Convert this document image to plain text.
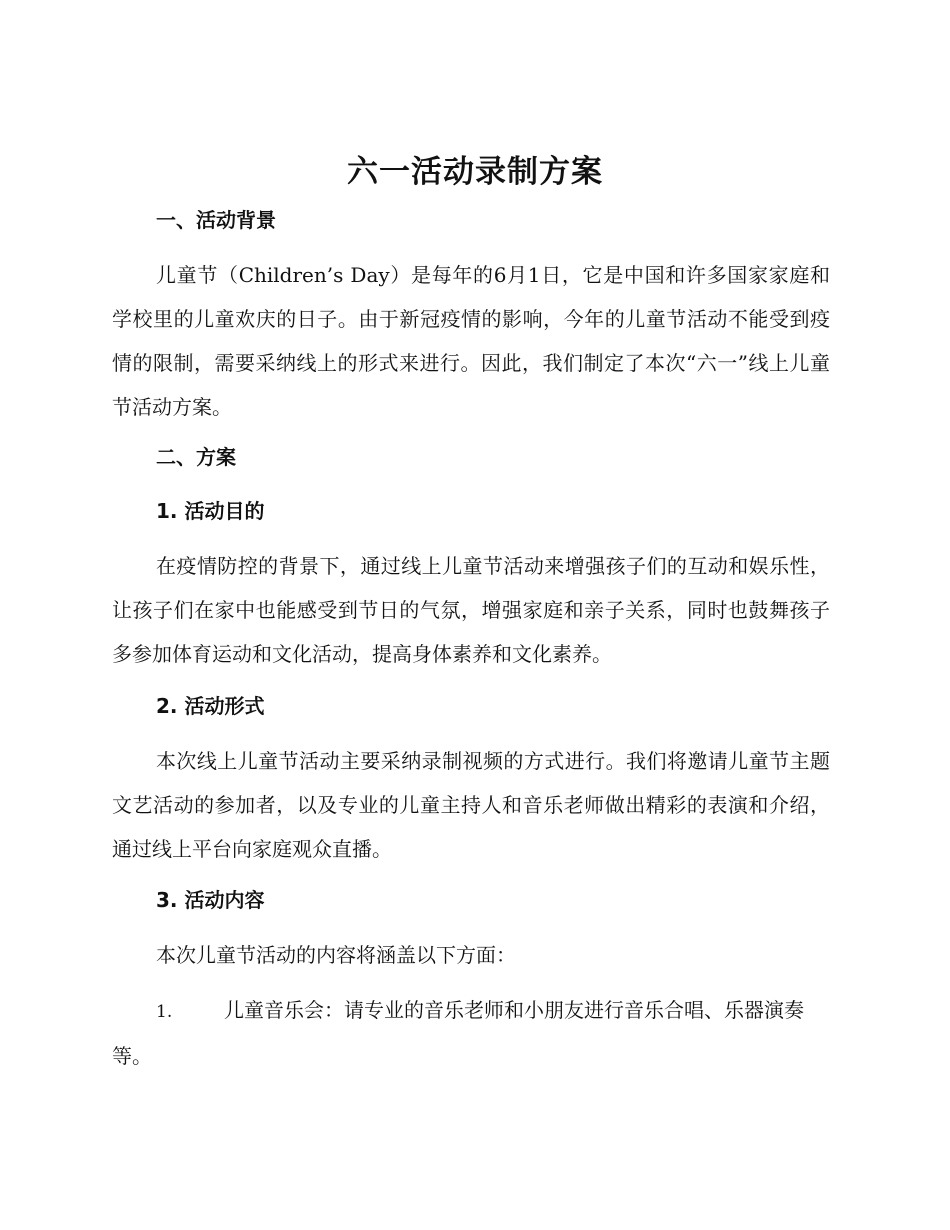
六一活动录制方案
一、活动背景

儿童节（Children’s Day）是每年的6月1日，它是中国和许多国家家庭和学校里的儿童欢庆的日子。由于新冠疫情的影响，今年的儿童节活动不能受到疫情的限制，需要采纳线上的形式来进行。因此，我们制定了本次“六一”线上儿童节活动方案。

二、方案
1. 活动目的

在疫情防控的背景下，通过线上儿童节活动来增强孩子们的互动和娱乐性，让孩子们在家中也能感受到节日的气氛，增强家庭和亲子关系，同时也鼓舞孩子多参加体育运动和文化活动，提高身体素养和文化素养。

2. 活动形式

本次线上儿童节活动主要采纳录制视频的方式进行。我们将邀请儿童节主题文艺活动的参加者，以及专业的儿童主持人和音乐老师做出精彩的表演和介绍，通过线上平台向家庭观众直播。

3. 活动内容

本次儿童节活动的内容将涵盖以下方面：

1.	儿童音乐会：请专业的音乐老师和小朋友进行音乐合唱、乐器演奏等。
